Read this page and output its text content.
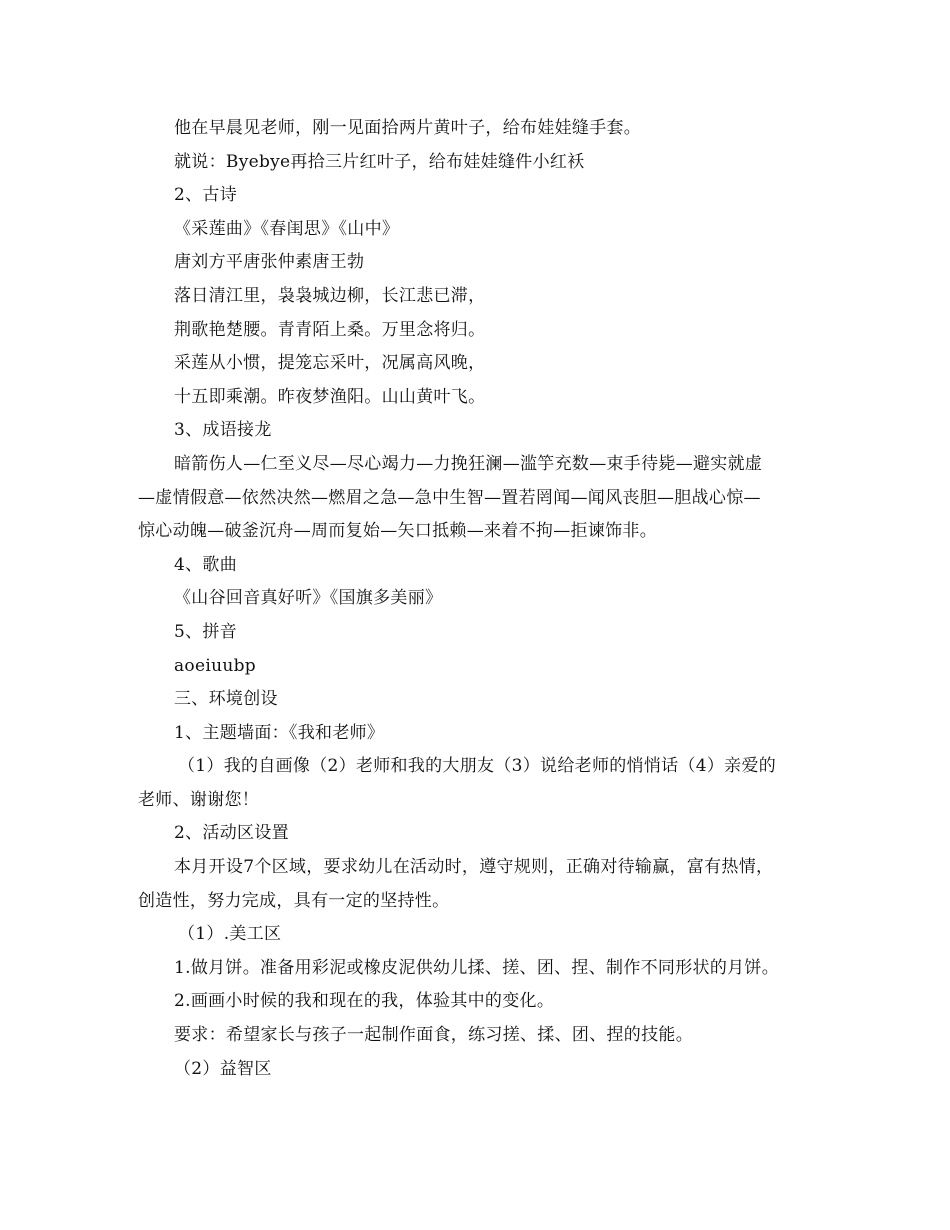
他在早晨见老师，刚一见面拾两片黄叶子，给布娃娃缝手套。
就说：Byebye再拾三片红叶子，给布娃娃缝件小红袄
2、古诗
《采莲曲》《春闺思》《山中》
唐刘方平唐张仲素唐王勃
落日清江里，袅袅城边柳，长江悲已滞，
荆歌艳楚腰。青青陌上桑。万里念将归。
采莲从小惯，提笼忘采叶，况属高风晚，
十五即乘潮。昨夜梦渔阳。山山黄叶飞。
3、成语接龙
暗箭伤人—仁至义尽—尽心竭力—力挽狂澜—滥竽充数—束手待毙—避实就虚
—虚情假意—依然决然—燃眉之急—急中生智—置若罔闻—闻风丧胆—胆战心惊—
惊心动魄—破釜沉舟—周而复始—矢口抵赖—来着不拘—拒谏饰非。
4、歌曲
《山谷回音真好听》《国旗多美丽》
5、拼音
aoeiuubp
三、环境创设
1、主题墙面：《我和老师》
（1）我的自画像（2）老师和我的大朋友（3）说给老师的悄悄话（4）亲爱的
老师、谢谢您！
2、活动区设置
本月开设7个区域，要求幼儿在活动时，遵守规则，正确对待输赢，富有热情，
创造性，努力完成，具有一定的坚持性。
（1）.美工区
1.做月饼。准备用彩泥或橡皮泥供幼儿揉、搓、团、捏、制作不同形状的月饼。
2.画画小时候的我和现在的我，体验其中的变化。
要求：希望家长与孩子一起制作面食，练习搓、揉、团、捏的技能。
（2）益智区
